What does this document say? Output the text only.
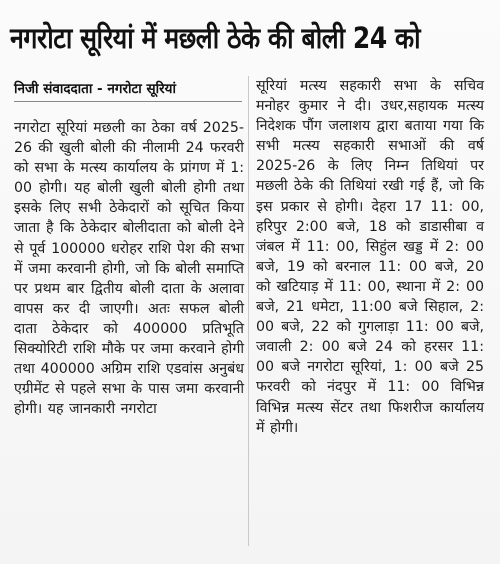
नगरोटा सूरियां में मछली ठेके की बोली 24 को
निजी संवाददाता - नगरोटा सूरियां
नगरोटा सूरियां मछली का ठेका वर्ष 2025-26 की खुली बोली की नीलामी 24 फरवरी को सभा के मत्स्य कार्यालय के प्रांगण में 1: 00 होगी। यह बोली खुली बोली होगी तथा इसके लिए सभी ठेकेदारों को सूचित किया जाता है कि ठेकेदार बोलीदाता को बोली देने से पूर्व 100000 धरोहर राशि पेश की सभा में जमा करवानी होगी, जो कि बोली समाप्ति पर प्रथम बार द्वितीय बोली दाता के अलावा वापस कर दी जाएगी। अतः सफल बोली दाता ठेकेदार को 400000 प्रतिभूति सिक्योरिटी राशि मौके पर जमा करवाने होगी तथा 400000 अग्रिम राशि एडवांस अनुबंध एग्रीमेंट से पहले सभा के पास जमा करवानी होगी। यह जानकारी नगरोटा
सूरियां मत्स्य सहकारी सभा के सचिव मनोहर कुमार ने दी। उधर,सहायक मत्स्य निदेशक पौंग जलाशय द्वारा बताया गया कि सभी मत्स्य सहकारी सभाओं की वर्ष 2025-26 के लिए निम्न तिथियां पर मछली ठेके की तिथियां रखी गई हैं, जो कि इस प्रकार से होगी। देहरा 17 11: 00, हरिपुर 2:00 बजे, 18 को डाडासीबा व जंबल में 11: 00, सिहुंल खड्ड में 2: 00 बजे, 19 को बरनाल 11: 00 बजे, 20 को खटियाड़ में 11: 00, स्थाना में 2: 00 बजे, 21 धमेटा, 11:00 बजे सिहाल, 2: 00 बजे, 22 को गुगलाड़ा 11: 00 बजे, जवाली 2: 00 बजे 24 को हरसर 11: 00 बजे नगरोटा सूरियां, 1: 00 बजे 25 फरवरी को नंदपुर में 11: 00 विभिन्न विभिन्न मत्स्य सेंटर तथा फिशरीज कार्यालय में होगी।
